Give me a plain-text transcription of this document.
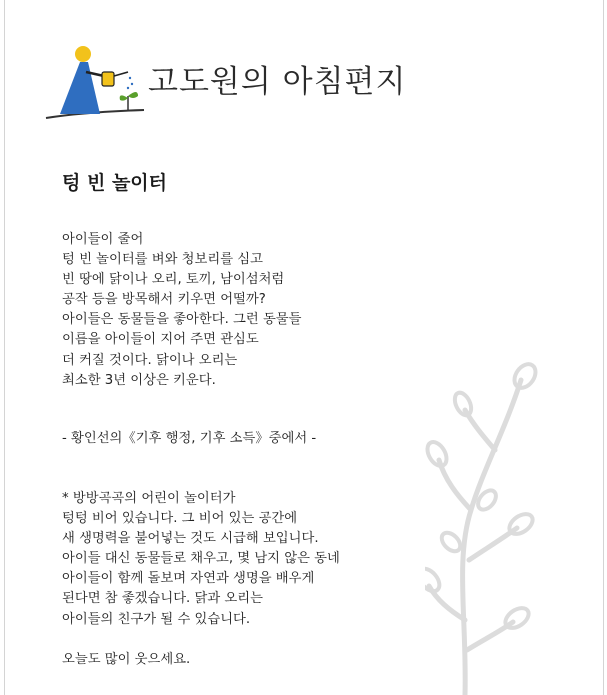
고도원의 아침편지
텅 빈 놀이터
아이들이 줄어
텅 빈 놀이터를 벼와 청보리를 심고
빈 땅에 닭이나 오리, 토끼, 남이섬처럼
공작 등을 방목해서 키우면 어떨까?
아이들은 동물들을 좋아한다. 그런 동물들
이름을 아이들이 지어 주면 관심도
더 커질 것이다. 닭이나 오리는
최소한 3년 이상은 키운다.
- 황인선의《기후 행정, 기후 소득》중에서 -
* 방방곡곡의 어린이 놀이터가
텅텅 비어 있습니다. 그 비어 있는 공간에
새 생명력을 불어넣는 것도 시급해 보입니다.
아이들 대신 동물들로 채우고, 몇 남지 않은 동네
아이들이 함께 돌보며 자연과 생명을 배우게
된다면 참 좋겠습니다. 닭과 오리는
아이들의 친구가 될 수 있습니다.
오늘도 많이 웃으세요.
